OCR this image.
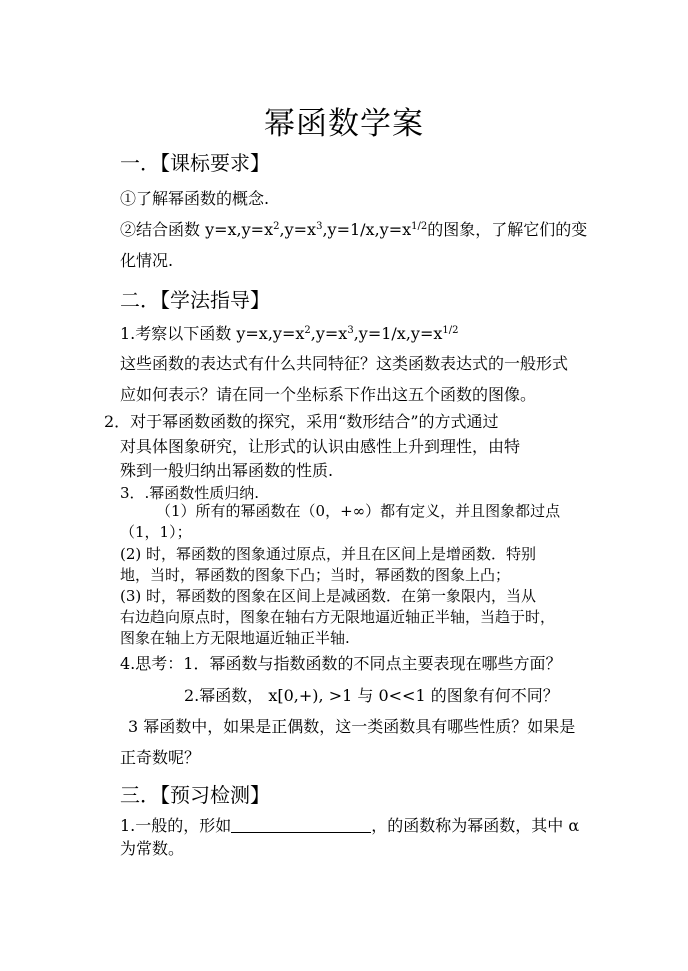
幂函数学案
一．【课标要求】
①了解幂函数的概念.
②结合函数 $y=x,y=x^2,y=x^3,y=1/x,y=x^{1/2}$的图象，了解它们的变
化情况.
二．【学法指导】
1.考察以下函数 $y=x,y=x^2,y=x^3,y=1/x,y=x^{1/2}$
这些函数的表达式有什么共同特征？这类函数表达式的一般形式
应如何表示？请在同一个坐标系下作出这五个函数的图像。
2．对于幂函数函数的探究，采用“数形结合”的方式通过
对具体图象研究，让形式的认识由感性上升到理性，由特
殊到一般归纳出幂函数的性质.
3．.幂函数性质归纳.
（1）所有的幂函数在（0，+∞）都有定义，并且图象都过点
（1，1）；
(2) 时，幂函数的图象通过原点，并且在区间上是增函数．特别
地，当时，幂函数的图象下凸；当时，幂函数的图象上凸；
(3) 时，幂函数的图象在区间上是减函数．在第一象限内，当从
右边趋向原点时，图象在轴右方无限地逼近轴正半轴，当趋于时，
图象在轴上方无限地逼近轴正半轴.
4.思考：1．幂函数与指数函数的不同点主要表现在哪些方面？
2.幂函数， x[0,+), >1 与 0<<1 的图象有何不同？
3 幂函数中，如果是正偶数，这一类函数具有哪些性质？如果是
正奇数呢？
三．【预习检测】
1.一般的，形如	，的函数称为幂函数，其中 α
为常数。
